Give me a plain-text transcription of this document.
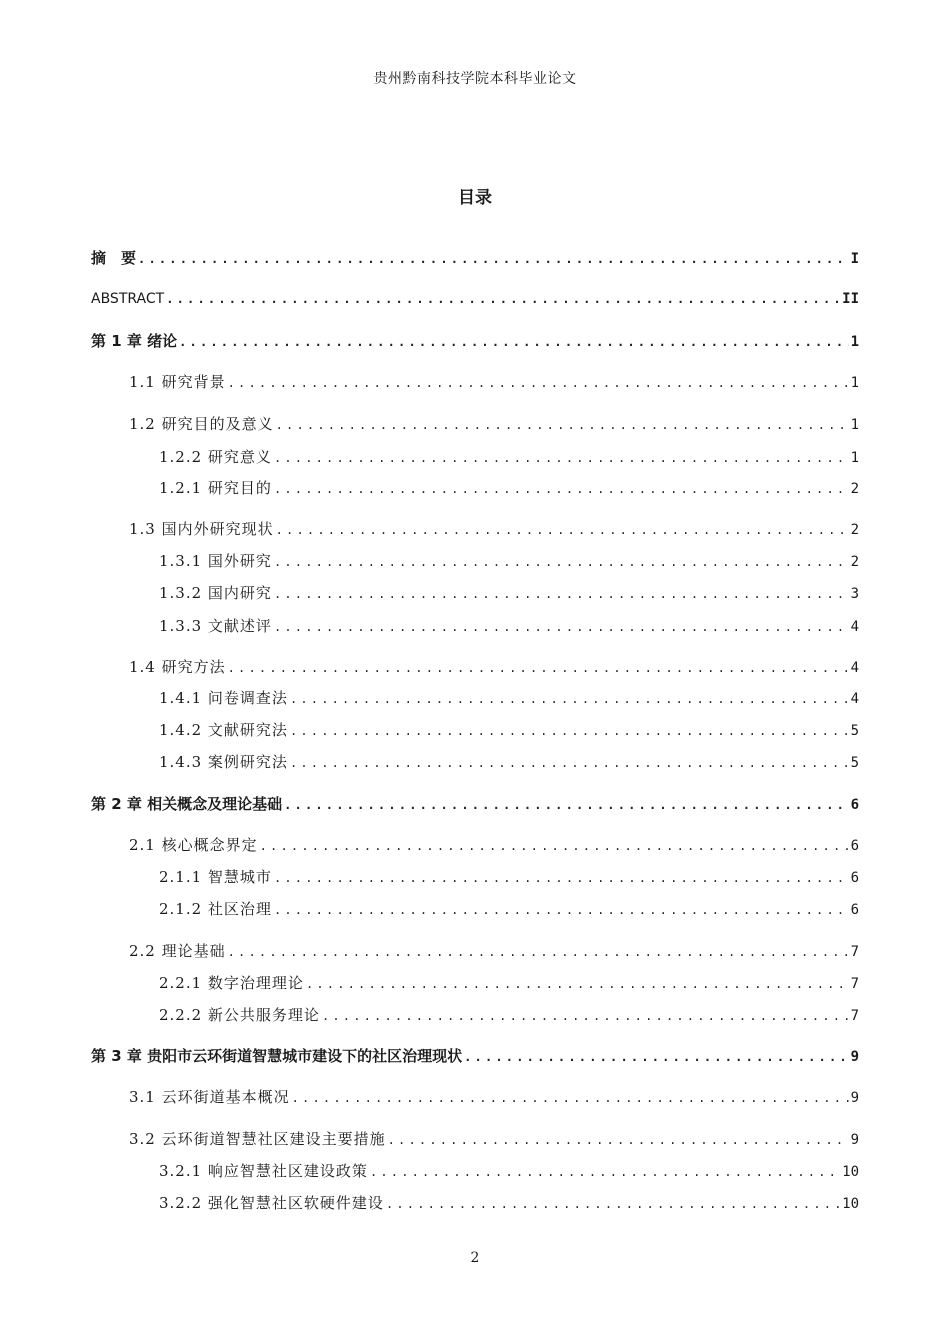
贵州黔南科技学院本科毕业论文
目录
摘　要 .....	I
ABSTRACT .....	II
第 1 章 绪论 .....	1
1.1 研究背景 .....	1
1.2 研究目的及意义 .....	1
1.2.2 研究意义 .....	1
1.2.1 研究目的 .....	2
1.3 国内外研究现状 .....	2
1.3.1 国外研究 .....	2
1.3.2 国内研究 .....	3
1.3.3 文献述评 .....	4
1.4 研究方法 .....	4
1.4.1 问卷调查法 .....	4
1.4.2 文献研究法 .....	5
1.4.3 案例研究法 .....	5
第 2 章 相关概念及理论基础 .....	6
2.1 核心概念界定 .....	6
2.1.1 智慧城市 .....	6
2.1.2 社区治理 .....	6
2.2 理论基础 .....	7
2.2.1 数字治理理论 .....	7
2.2.2 新公共服务理论 .....	7
第 3 章 贵阳市云环街道智慧城市建设下的社区治理现状 .....	9
3.1 云环街道基本概况 .....	9
3.2 云环街道智慧社区建设主要措施 .....	9
3.2.1 响应智慧社区建设政策 .....	10
3.2.2 强化智慧社区软硬件建设 .....	10
2
